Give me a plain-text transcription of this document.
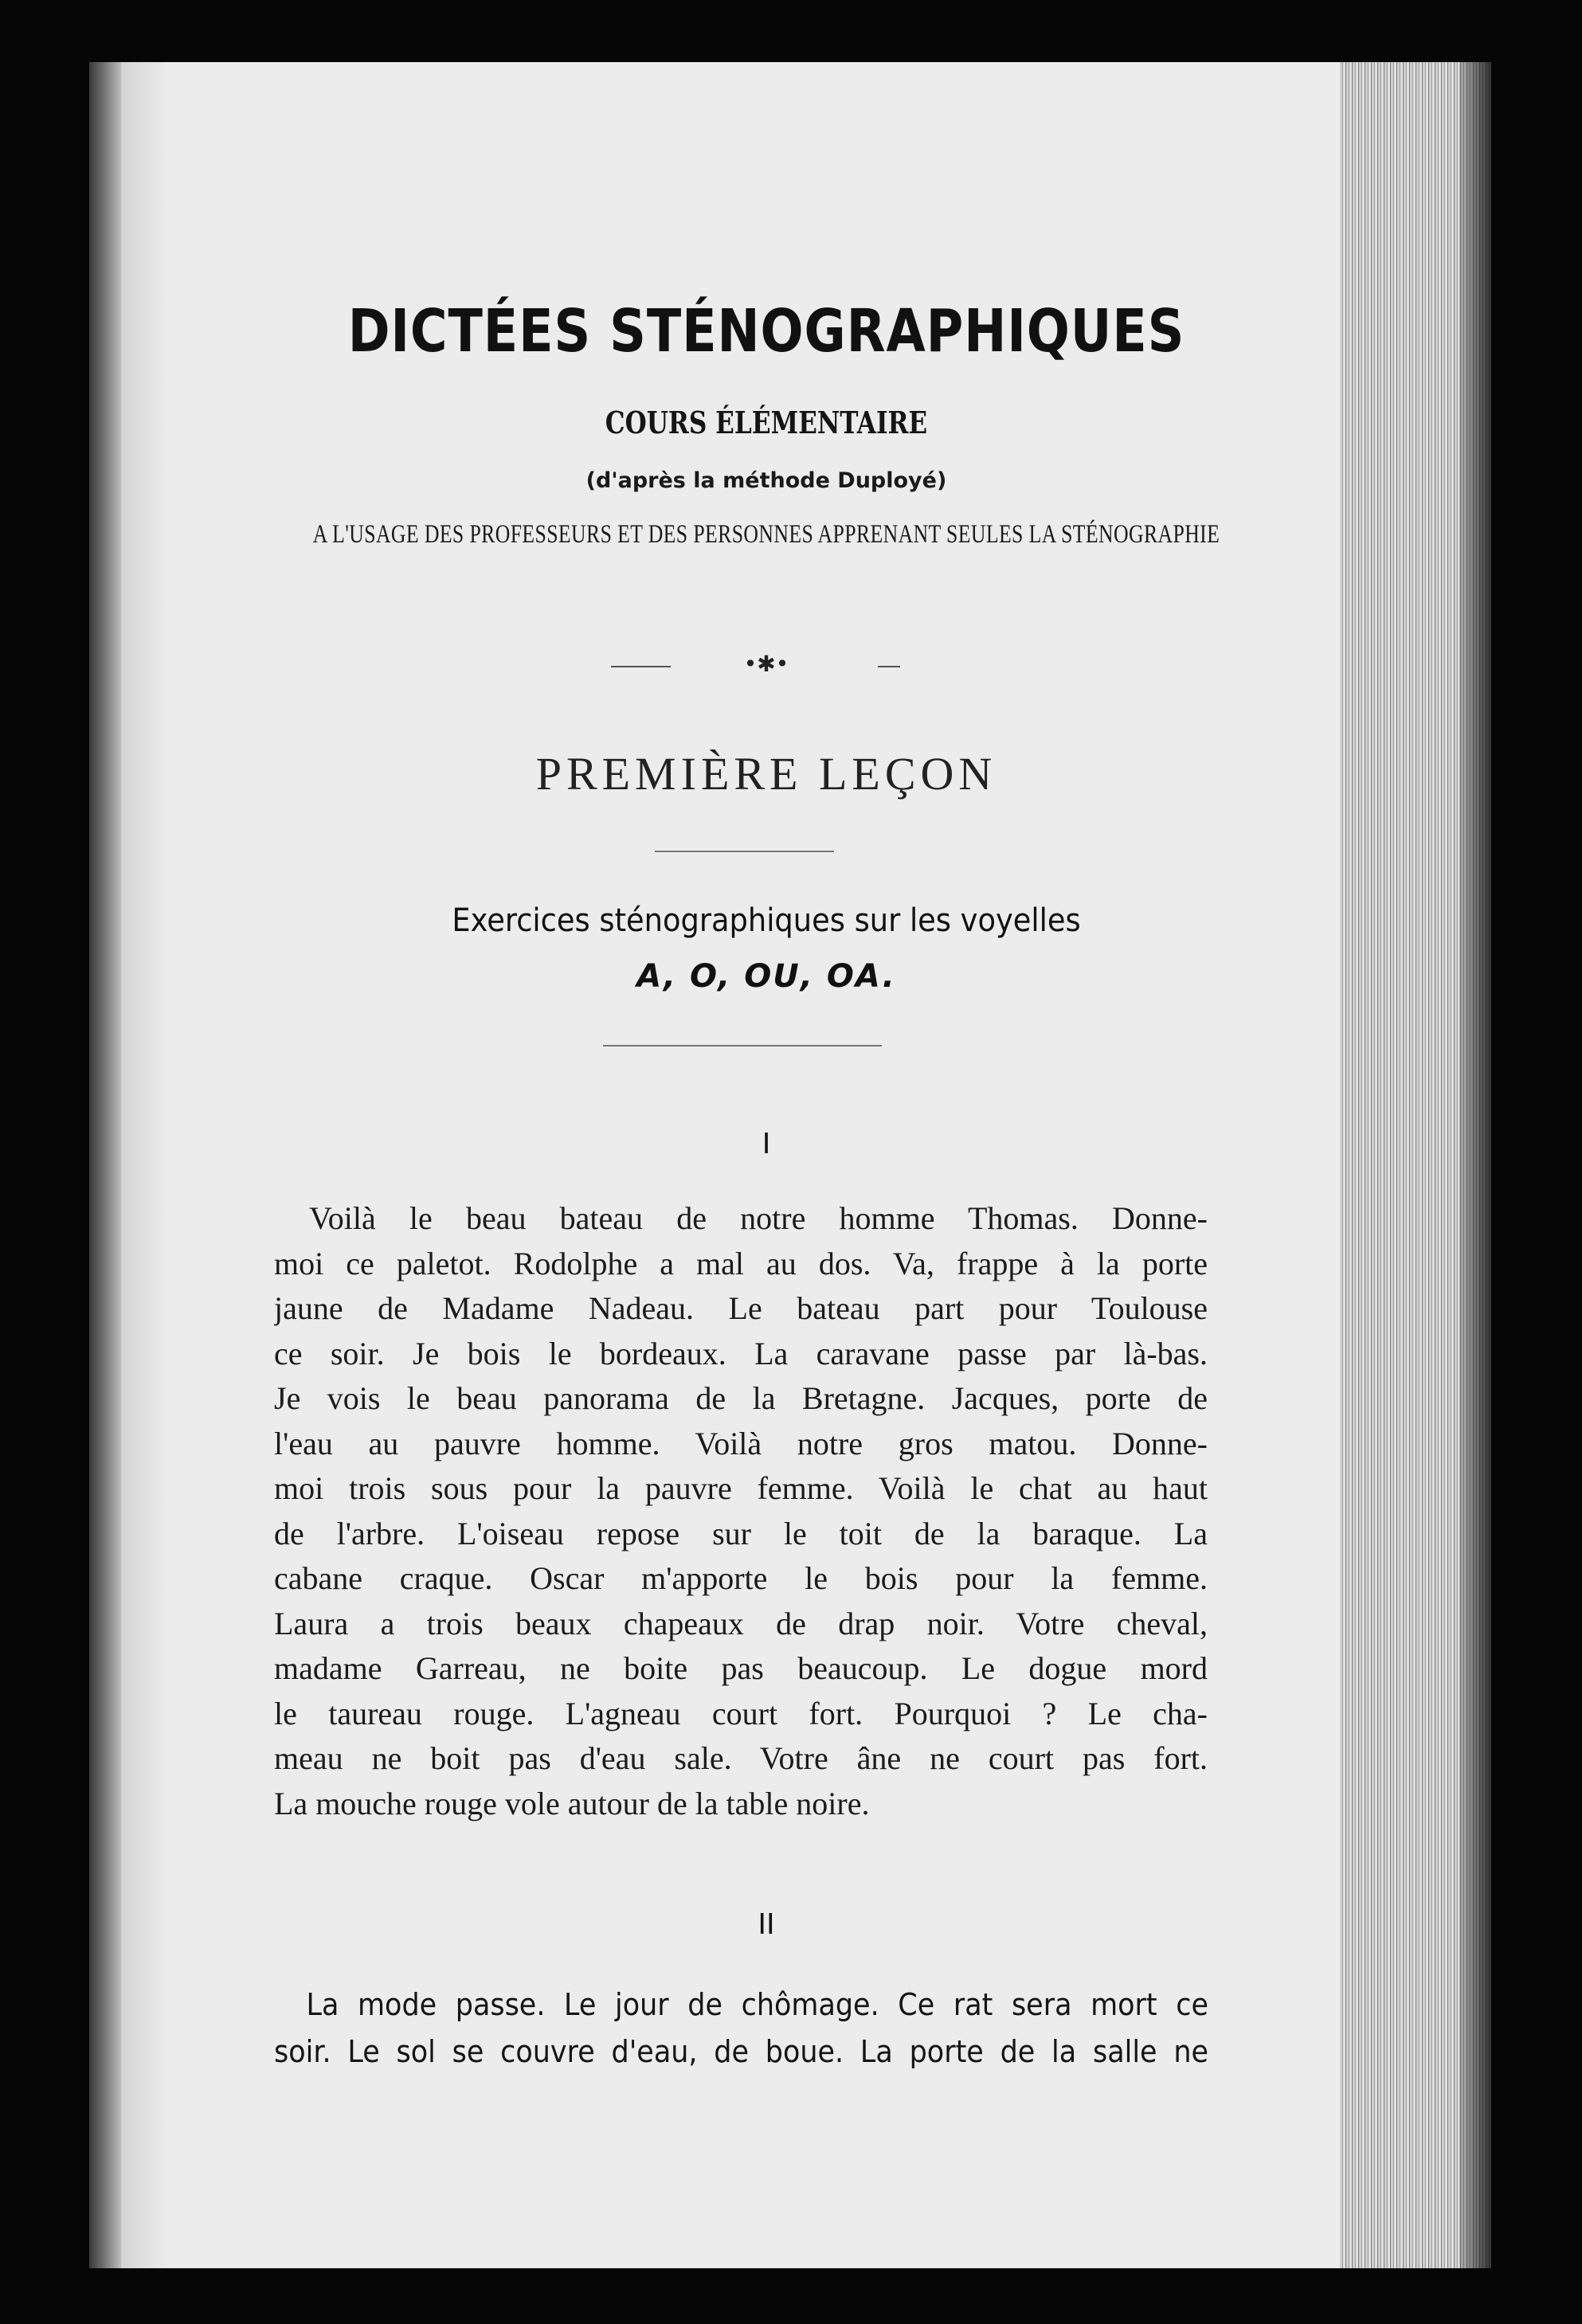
DICTÉES STÉNOGRAPHIQUES
COURS ÉLÉMENTAIRE
(d'après la méthode Duployé)
A L'USAGE DES PROFESSEURS ET DES PERSONNES APPRENANT SEULES LA STÉNOGRAPHIE
•✱•
PREMIÈRE LEÇON
Exercices sténographiques sur les voyelles
A, O, OU, OA.
I
Voilà le beau bateau de notre homme Thomas. Donne-
moi ce paletot. Rodolphe a mal au dos. Va, frappe à la porte
jaune de Madame Nadeau. Le bateau part pour Toulouse
ce soir. Je bois le bordeaux. La caravane passe par là-bas.
Je vois le beau panorama de la Bretagne. Jacques, porte de
l'eau au pauvre homme. Voilà notre gros matou. Donne-
moi trois sous pour la pauvre femme. Voilà le chat au haut
de l'arbre. L'oiseau repose sur le toit de la baraque. La
cabane craque. Oscar m'apporte le bois pour la femme.
Laura a trois beaux chapeaux de drap noir. Votre cheval,
madame Garreau, ne boite pas beaucoup. Le dogue mord
le taureau rouge. L'agneau court fort. Pourquoi ? Le cha-
meau ne boit pas d'eau sale. Votre âne ne court pas fort.
La mouche rouge vole autour de la table noire.
II
La mode passe. Le jour de chômage. Ce rat sera mort ce
soir. Le sol se couvre d'eau, de boue. La porte de la salle ne
